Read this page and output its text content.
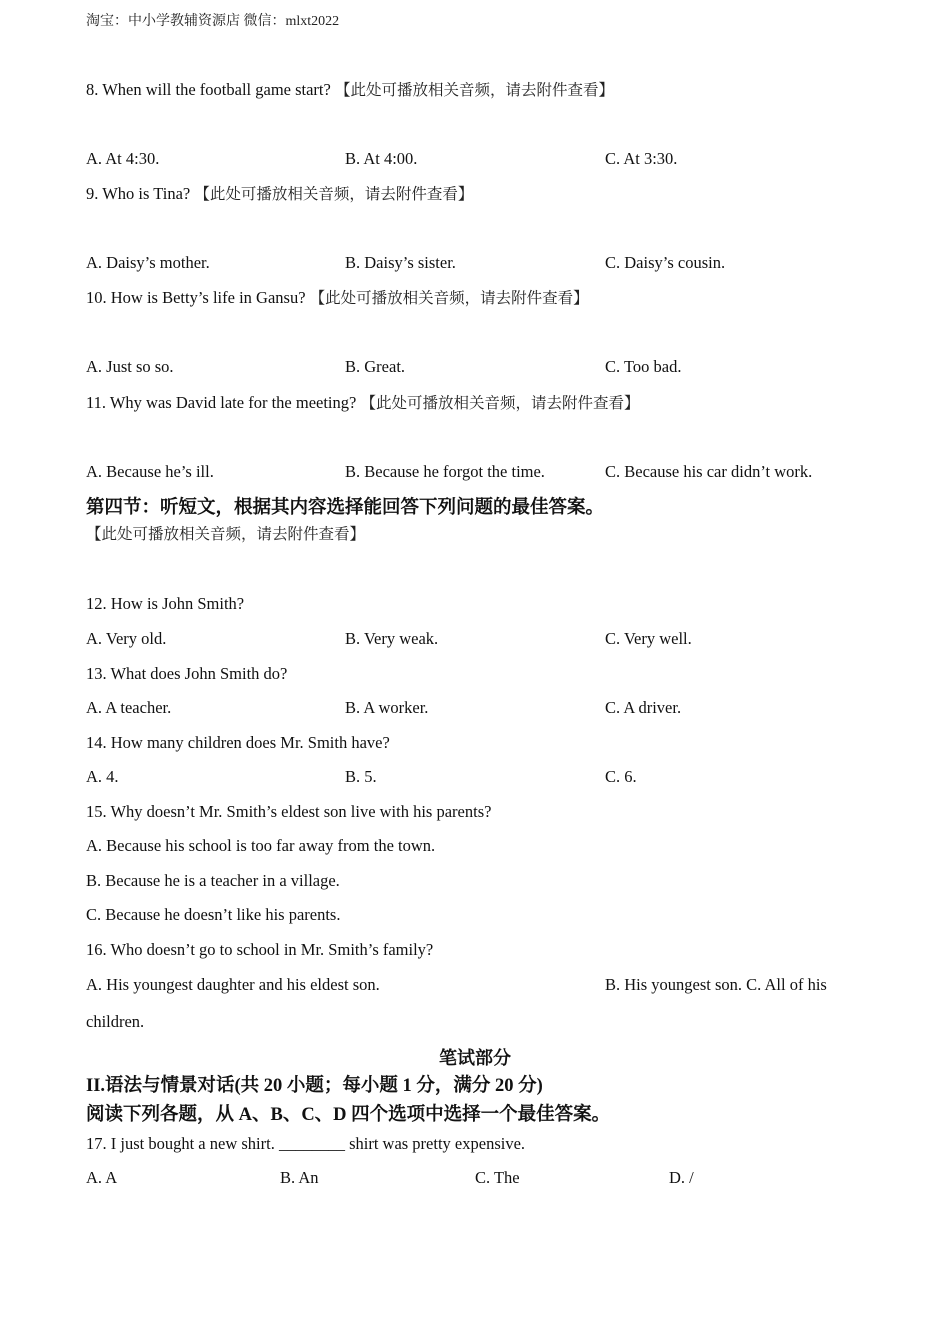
淘宝：中小学教辅资源店 微信：mlxt2022
8. When will the football game start? 【此处可播放相关音频，请去附件查看】
A. At 4:30.	B. At 4:00.	C. At 3:30.
9. Who is Tina? 【此处可播放相关音频，请去附件查看】
A. Daisy’s mother.	B. Daisy’s sister.	C. Daisy’s cousin.
10. How is Betty’s life in Gansu? 【此处可播放相关音频，请去附件查看】
A. Just so so.	B. Great.	C. Too bad.
11. Why was David late for the meeting? 【此处可播放相关音频，请去附件查看】
A. Because he’s ill.	B. Because he forgot the time.	C. Because his car didn’t work.
第四节：听短文，根据其内容选择能回答下列问题的最佳答案。
【此处可播放相关音频，请去附件查看】
12. How is John Smith?
A. Very old.	B. Very weak.	C. Very well.
13. What does John Smith do?
A. A teacher.	B. A worker.	C. A driver.
14. How many children does Mr. Smith have?
A. 4.	B. 5.	C. 6.
15. Why doesn’t Mr. Smith’s eldest son live with his parents?
A. Because his school is too far away from the town.
B. Because he is a teacher in a village.
C. Because he doesn’t like his parents.
16. Who doesn’t go to school in Mr. Smith’s family?
A. His youngest daughter and his eldest son.	B. His youngest son. C. All of his
children.
笔试部分
II.语法与情景对话(共 20 小题；每小题 1 分，满分 20 分)
阅读下列各题，从 A、B、C、D 四个选项中选择一个最佳答案。
17. I just bought a new shirt. ________ shirt was pretty expensive.
A. A	B. An	C. The	D. /
